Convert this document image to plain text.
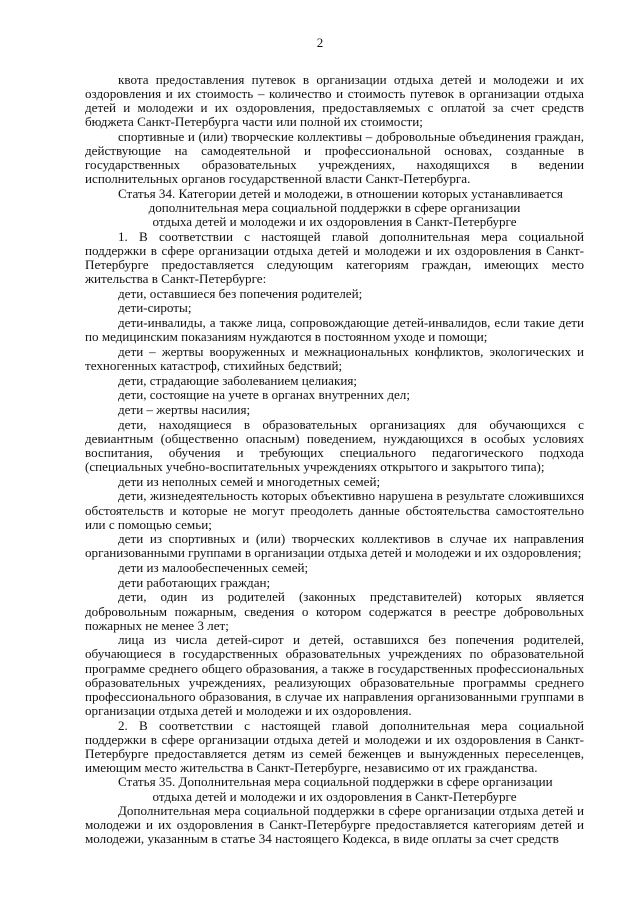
2

квота предоставления путевок в организации отдыха детей и молодежи и их оздоровления и их стоимость – количество и стоимость путевок в организации отдыха детей и молодежи и их оздоровления, предоставляемых с оплатой за счет средств бюджета Санкт-Петербурга части или полной их стоимости;

спортивные и (или) творческие коллективы – добровольные объединения граждан, действующие на самодеятельной и профессиональной основах, созданные в государственных образовательных учреждениях, находящихся в ведении исполнительных органов государственной власти Санкт-Петербурга.

Статья 34. Категории детей и молодежи, в отношении которых устанавливается
дополнительная мера социальной поддержки в сфере организации
отдыха детей и молодежи и их оздоровления в Санкт-Петербурге

1. В соответствии с настоящей главой дополнительная мера социальной поддержки в сфере организации отдыха детей и молодежи и их оздоровления в Санкт-Петербурге предоставляется следующим категориям граждан, имеющих место жительства в Санкт-Петербурге:

дети, оставшиеся без попечения родителей;

дети-сироты;

дети-инвалиды, а также лица, сопровождающие детей-инвалидов, если такие дети по медицинским показаниям нуждаются в постоянном уходе и помощи;

дети – жертвы вооруженных и межнациональных конфликтов, экологических и техногенных катастроф, стихийных бедствий;

дети, страдающие заболеванием целиакия;

дети, состоящие на учете в органах внутренних дел;

дети – жертвы насилия;

дети, находящиеся в образовательных организациях для обучающихся с девиантным (общественно опасным) поведением, нуждающихся в особых условиях воспитания, обучения и требующих специального педагогического подхода (специальных учебно-воспитательных учреждениях открытого и закрытого типа);

дети из неполных семей и многодетных семей;

дети, жизнедеятельность которых объективно нарушена в результате сложившихся обстоятельств и которые не могут преодолеть данные обстоятельства самостоятельно или с помощью семьи;

дети из спортивных и (или) творческих коллективов в случае их направления организованными группами в организации отдыха детей и молодежи и их оздоровления;

дети из малообеспеченных семей;

дети работающих граждан;

дети, один из родителей (законных представителей) которых является добровольным пожарным, сведения о котором содержатся в реестре добровольных пожарных не менее 3 лет;

лица из числа детей-сирот и детей, оставшихся без попечения родителей, обучающиеся в государственных образовательных учреждениях по образовательной программе среднего общего образования, а также в государственных профессиональных образовательных учреждениях, реализующих образовательные программы среднего профессионального образования, в случае их направления организованными группами в организации отдыха детей и молодежи и их оздоровления.

2. В соответствии с настоящей главой дополнительная мера социальной поддержки в сфере организации отдыха детей и молодежи и их оздоровления в Санкт-Петербурге предоставляется детям из семей беженцев и вынужденных переселенцев, имеющим место жительства в Санкт-Петербурге, независимо от их гражданства.

Статья 35. Дополнительная мера социальной поддержки в сфере организации
отдыха детей и молодежи и их оздоровления в Санкт-Петербурге

Дополнительная мера социальной поддержки в сфере организации отдыха детей и молодежи и их оздоровления в Санкт-Петербурге предоставляется категориям детей и молодежи, указанным в статье 34 настоящего Кодекса, в виде оплаты за счет средств
